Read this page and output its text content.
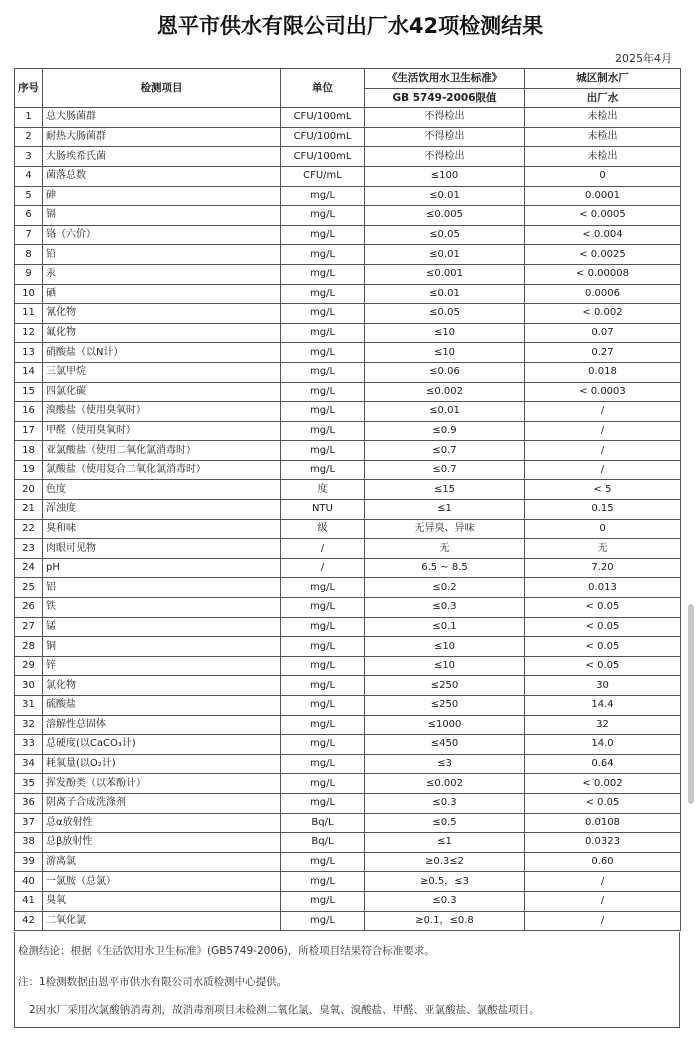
恩平市供水有限公司出厂水42项检测结果
2025年4月
序号	检测项目	单位	《生活饮用水卫生标准》	城区制水厂
			GB 5749-2006限值	出厂水
1	总大肠菌群	CFU/100mL	不得检出	未检出
2	耐热大肠菌群	CFU/100mL	不得检出	未检出
3	大肠埃希氏菌	CFU/100mL	不得检出	未检出
4	菌落总数	CFU/mL	≤100	0
5	砷	mg/L	≤0.01	0.0001
6	镉	mg/L	≤0.005	< 0.0005
7	铬（六价）	mg/L	≤0.05	< 0.004
8	铅	mg/L	≤0.01	< 0.0025
9	汞	mg/L	≤0.001	< 0.00008
10	硒	mg/L	≤0.01	0.0006
11	氰化物	mg/L	≤0.05	< 0.002
12	氟化物	mg/L	≤10	0.07
13	硝酸盐（以N计）	mg/L	≤10	0.27
14	三氯甲烷	mg/L	≤0.06	0.018
15	四氯化碳	mg/L	≤0.002	< 0.0003
16	溴酸盐（使用臭氧时）	mg/L	≤0.01	/
17	甲醛（使用臭氧时）	mg/L	≤0.9	/
18	亚氯酸盐（使用二氧化氯消毒时）	mg/L	≤0.7	/
19	氯酸盐（使用复合二氧化氯消毒时）	mg/L	≤0.7	/
20	色度	度	≤15	< 5
21	浑浊度	NTU	≤1	0.15
22	臭和味	级	无异臭、异味	0
23	肉眼可见物	/	无	无
24	pH	/	6.5 ~ 8.5	7.20
25	铝	mg/L	≤0.2	0.013
26	铁	mg/L	≤0.3	< 0.05
27	锰	mg/L	≤0.1	< 0.05
28	铜	mg/L	≤10	< 0.05
29	锌	mg/L	≤10	< 0.05
30	氯化物	mg/L	≤250	30
31	硫酸盐	mg/L	≤250	14.4
32	溶解性总固体	mg/L	≤1000	32
33	总硬度(以CaCO₃计)	mg/L	≤450	14.0
34	耗氧量(以O₂计)	mg/L	≤3	0.64
35	挥发酚类（以苯酚计）	mg/L	≤0.002	< 0.002
36	阴离子合成洗涤剂	mg/L	≤0.3	< 0.05
37	总α放射性	Bq/L	≤0.5	0.0108
38	总β放射性	Bq/L	≤1	0.0323
39	游离氯	mg/L	≥0.3≤2	0.60
40	一氯胺（总氯）	mg/L	≥0.5，≤3	/
41	臭氧	mg/L	≤0.3	/
42	二氧化氯	mg/L	≥0.1，≤0.8	/
检测结论：根据《生活饮用水卫生标准》(GB5749-2006)，所检项目结果符合标准要求。
注：1检测数据由恩平市供水有限公司水质检测中心提供。
2因水厂采用次氯酸钠消毒剂，故消毒剂项目未检测二氧化氯、臭氧、溴酸盐、甲醛、亚氯酸盐、氯酸盐项目。
